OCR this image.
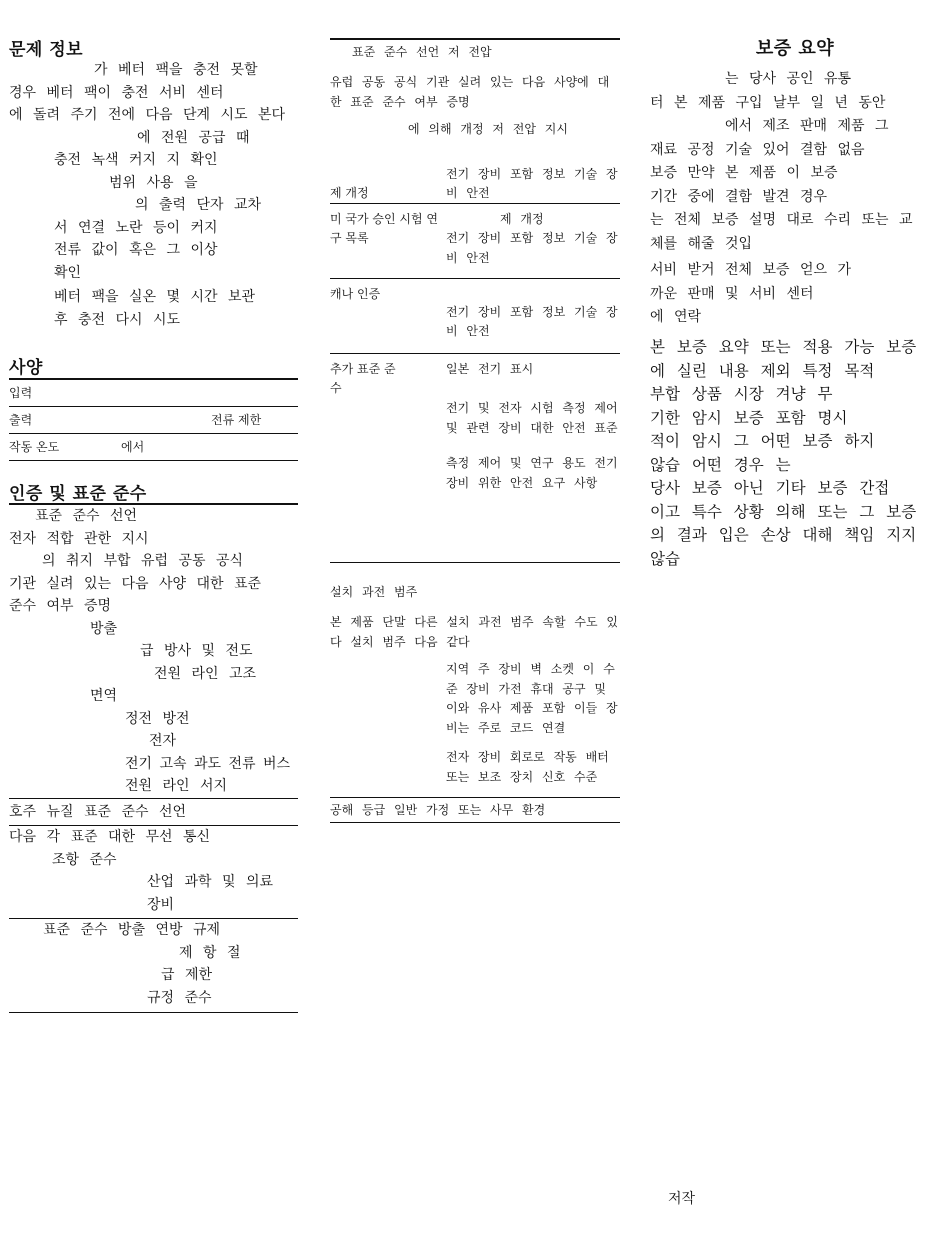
문제 정보

가 베터 팩을 충전 못할

경우 베터 팩이 충전 서비 센터

에 돌려 주기 전에 다음 단계 시도 본다

에 전원 공급 때

충전 녹색 커지 지 확인

범위 사용 을

의 출력 단자 교차

서 연결 노란 등이 커지

전류 값이 혹은 그 이상

확인

베터 팩을 실온 몇 시간 보관

후 충전 다시 시도

사양
입력
출력	전류 제한
작동 온도	에서
인증 및 표준 준수

표준 준수 선언

전자 적합 관한 지시

의 취지 부합 유럽 공동 공식

기관 실려 있는 다음 사양 대한 표준

준수 여부 증명

방출

급 방사 및 전도

전원 라인 고조

면역

정전 방전

전자

전기 고속 과도 전류 버스

전원 라인 서지

호주 뉴질 표준 준수 선언

다음 각 표준 대한 무선 통신

조항 준수

산업 과학 및 의료

장비

표준 준수 방출 연방 규제

제 항 절

급 제한

규정 준수

표준 준수 선언 저 전압

유럽 공동 공식 기관 실려 있는 다음 사양에 대한 표준 준수 여부 증명

에 의해 개정 저 전압 지시

제 개정
전기 장비 포함 정보 기술 장비 안전
미 국가 승인 시험 연구 목록
제 개정
전기 장비 포함 정보 기술 장비 안전
캐나 인증
전기 장비 포함 정보 기술 장비 안전
추가 표준 준수
일본 전기 표시
전기 및 전자 시험 측정 제어 및 관련 장비 대한 안전 표준
측정 제어 및 연구 용도 전기 장비 위한 안전 요구 사항

설치 과전 범주

본 제품 단말 다른 설치 과전 범주 속할 수도 있다 설치 범주 다음 같다

지역 주 장비 벽 소켓 이 수준 장비 가전 휴대 공구 및 이와 유사 제품 포함 이들 장비는 주로 코드 연결
전자 장비 회로로 작동 배터 또는 보조 장치 신호 수준

공해 등급 일반 가정 또는 사무 환경

보증 요약

는 당사 공인 유통

터 본 제품 구입 날부 일 년 동안

에서 제조 판매 제품 그

재료 공정 기술 있어 결함 없음

보증 만약 본 제품 이 보증

기간 중에 결함 발견 경우

는 전체 보증 설명 대로 수리 또는 교

체를 해줄 것입

서비 받거 전체 보증 얻으 가

까운 판매 및 서비 센터

에 연락

본 보증 요약 또는 적용 가능 보증

에 실린 내용 제외 특정 목적

부합 상품 시장 겨냥 무

기한 암시 보증 포함 명시

적이 암시 그 어떤 보증 하지

않습 어떤 경우 는

당사 보증 아닌 기타 보증 간접

이고 특수 상황 의해 또는 그 보증

의 결과 입은 손상 대해 책임 지지

않습

저작
